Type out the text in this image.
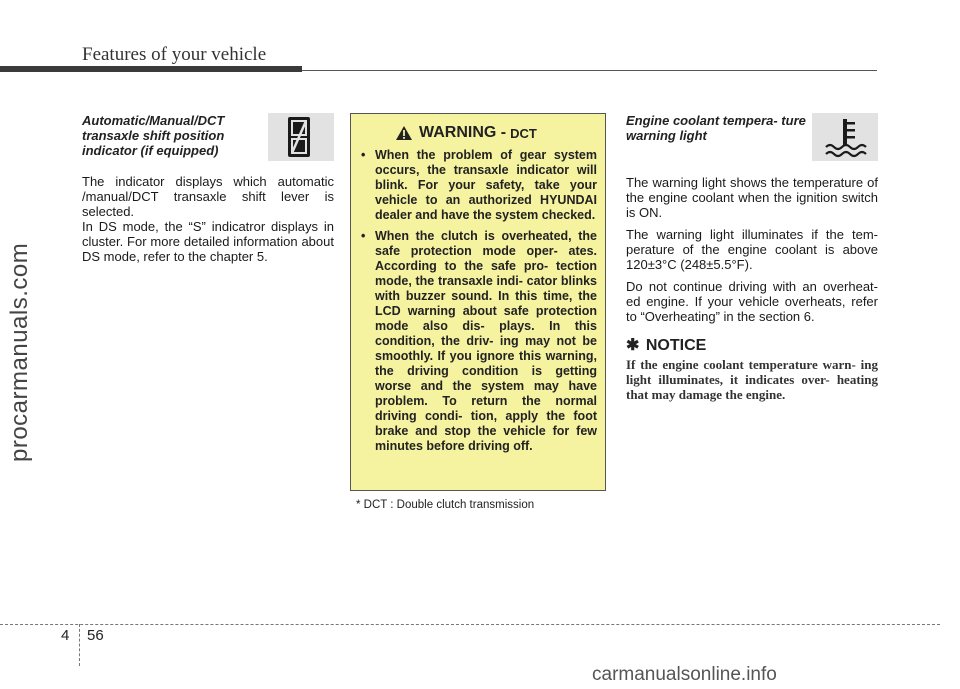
Features of your vehicle
procarmanuals.com
Automatic/Manual/DCT transaxle shift position indicator (if equipped)

The indicator displays which automatic /manual/DCT transaxle shift lever is selected.

In DS mode, the “S” indicatror displays in cluster. For more detailed information about DS mode, refer to the chapter 5.

WARNING - DCT
• When the problem of gear system occurs, the transaxle indicator will blink. For your safety, take your vehicle to an authorized HYUNDAI dealer and have the system checked.
• When the clutch is overheated, the safe protection mode oper- ates. According to the safe pro- tection mode, the transaxle indi- cator blinks with buzzer sound. In this time, the LCD warning about safe protection mode also dis- plays. In this condition, the driv- ing may not be smoothly. If you ignore this warning, the driving condition is getting worse and the system may have problem. To return the normal driving condi- tion, apply the foot brake and stop the vehicle for few minutes before driving off.
* DCT : Double clutch transmission
Engine coolant tempera- ture warning light

The warning light shows the temperature of the engine coolant when the ignition switch is ON.

The warning light illuminates if the tem- perature of the engine coolant is above 120±3°C (248±5.5°F).

Do not continue driving with an overheat- ed engine. If your vehicle overheats, refer to “Overheating” in the section 6.

✱ NOTICE
If the engine coolant temperature warn- ing light illuminates, it indicates over- heating that may damage the engine.
4 56
carmanualsonline.info
